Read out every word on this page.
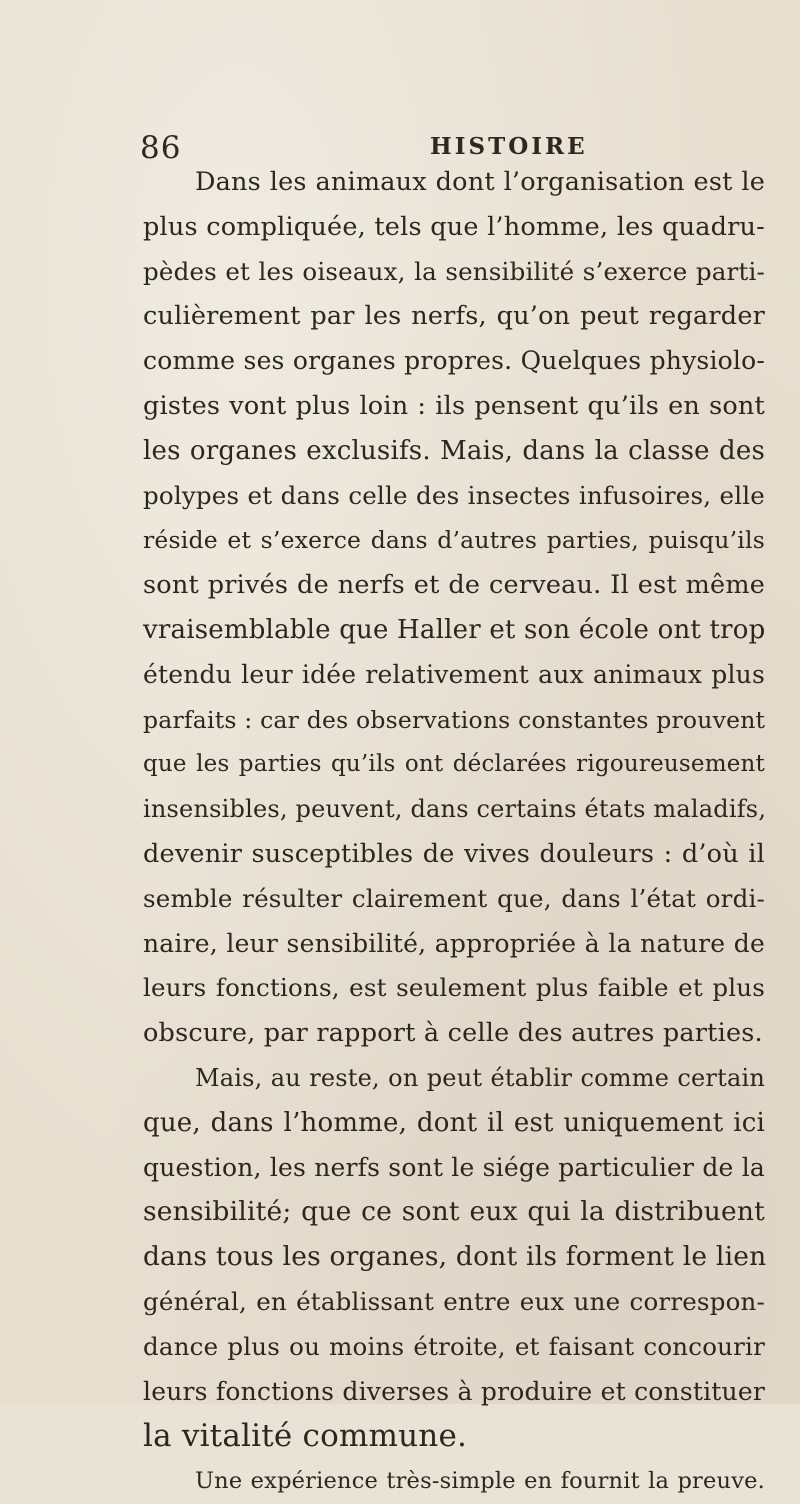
86	HISTOIRE
Dans les animaux dont l’organisation est le
plus compliquée, tels que l’homme, les quadru-
pèdes et les oiseaux, la sensibilité s’exerce parti-
culièrement par les nerfs, qu’on peut regarder
comme ses organes propres. Quelques physiolo-
gistes vont plus loin : ils pensent qu’ils en sont
les organes exclusifs. Mais, dans la classe des
polypes et dans celle des insectes infusoires, elle
réside et s’exerce dans d’autres parties, puisqu’ils
sont privés de nerfs et de cerveau. Il est même
vraisemblable que Haller et son école ont trop
étendu leur idée relativement aux animaux plus
parfaits : car des observations constantes prouvent
que les parties qu’ils ont déclarées rigoureusement
insensibles, peuvent, dans certains états maladifs,
devenir susceptibles de vives douleurs : d’où il
semble résulter clairement que, dans l’état ordi-
naire, leur sensibilité, appropriée à la nature de
leurs fonctions, est seulement plus faible et plus
obscure, par rapport à celle des autres parties.
Mais, au reste, on peut établir comme certain
que, dans l’homme, dont il est uniquement ici
question, les nerfs sont le siége particulier de la
sensibilité; que ce sont eux qui la distribuent
dans tous les organes, dont ils forment le lien
général, en établissant entre eux une correspon-
dance plus ou moins étroite, et faisant concourir
leurs fonctions diverses à produire et constituer
la vitalité commune.
Une expérience très-simple en fournit la preuve.
